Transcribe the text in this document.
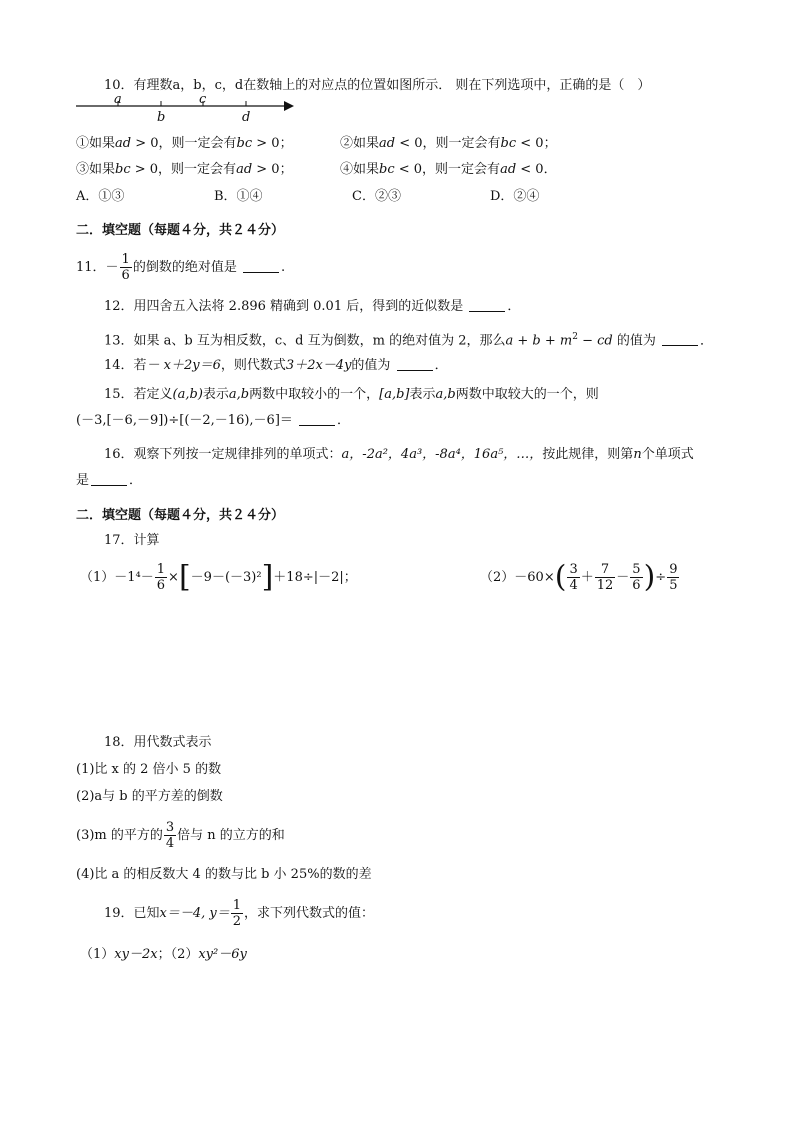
10．有理数a，b，c，d在数轴上的对应点的位置如图所示． 则在下列选项中，正确的是（　）
a
b
c
d
①如果ad > 0，则一定会有bc > 0；	②如果ad < 0，则一定会有bc < 0；
③如果bc > 0，则一定会有ad > 0；	④如果bc < 0，则一定会有ad < 0．
A．①③	B．①④	C．②③	D．②④
二．填空题（每题４分，共２４分）
11．－ $\frac{1}{6}$ 的倒数的绝对值是	.
12．用四舍五入法将 2.896 精确到 0.01 后，得到的近似数是	．
13．如果 a、b 互为相反数，c、d 互为倒数，m 的绝对值为 2，那么$a + b + m^2$ − cd 的值为	．
14．若－ x＋2y＝6，则代数式3＋2x－4y的值为	．
15．若定义(a,b)表示a,b两数中取较小的一个，[a,b]表示a,b两数中取较大的一个，则
(－3,[－6,－9])÷[(－2,－16),－6]＝	．
16．观察下列按一定规律排列的单项式：a，-2a²，4a³，-8a⁴，16a⁵，…，按此规律，则第n个单项式
是	．
二．填空题（每题４分，共２４分）
17．计算
$(1)-1^4- \frac{1}{6} \times[-9-(-3)^2]+18\div|-2|$；	$(2)-60\times( \frac{3}{4} + \frac{7}{12} - \frac{5}{6}$ )÷ $\frac{9}{5}$
18．用代数式表示
(1)比 x 的 2 倍小 5 的数
(2)a与 b 的平方差的倒数
(3)m 的平方的 $\frac{3}{4}$ 倍与 n 的立方的和
(4)比 a 的相反数大 4 的数与比 b 小 25%的数的差
19．已知x＝－4, $y= \frac{1}{2}$ ，求下列代数式的值：
（1）xy－2x；（2）xy²－6y
